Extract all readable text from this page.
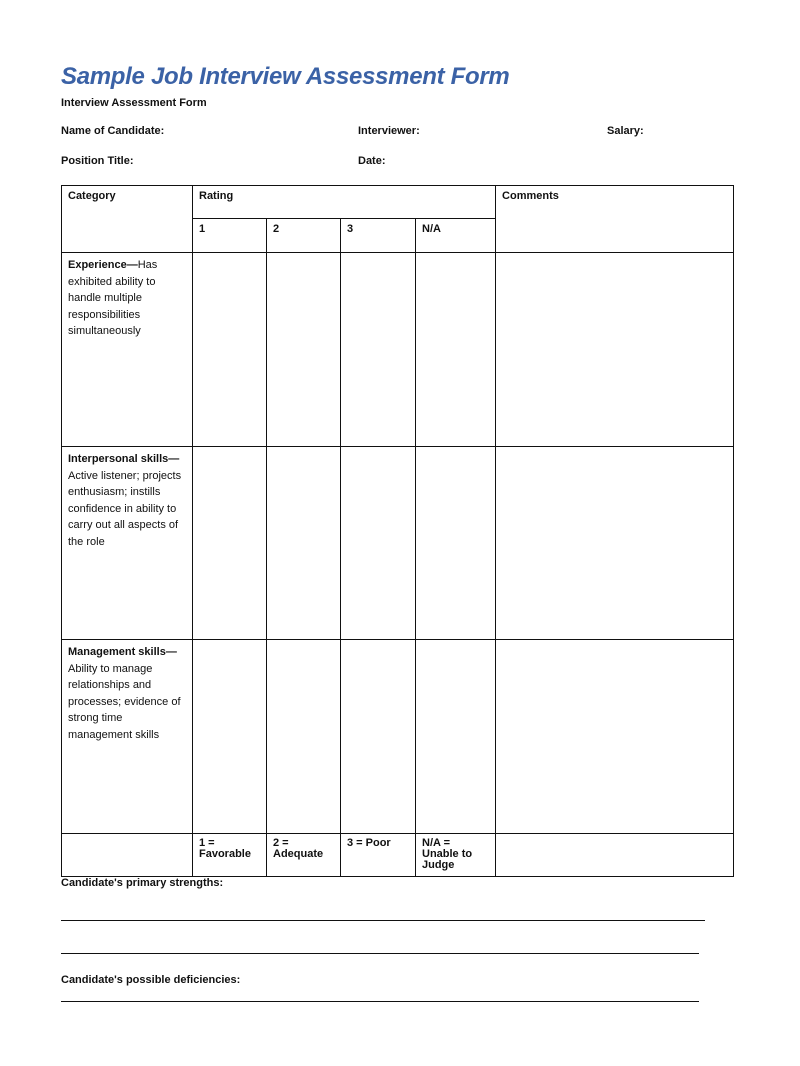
Sample Job Interview Assessment Form
Interview Assessment Form
Name of Candidate:	Interviewer:	Salary:
Position Title:	Date:
Category	Rating				Comments
	1	2	3	N/A	
Experience—Has exhibited ability to handle multiple responsibilities simultaneously					
Interpersonal skills—Active listener; projects enthusiasm; instills confidence in ability to carry out all aspects of the role					
Management skills—Ability to manage relationships and processes; evidence of strong time management skills					
	1 = Favorable	2 = Adequate	3 = Poor	N/A = Unable to Judge	
Candidate's primary strengths:
Candidate's possible deficiencies:
